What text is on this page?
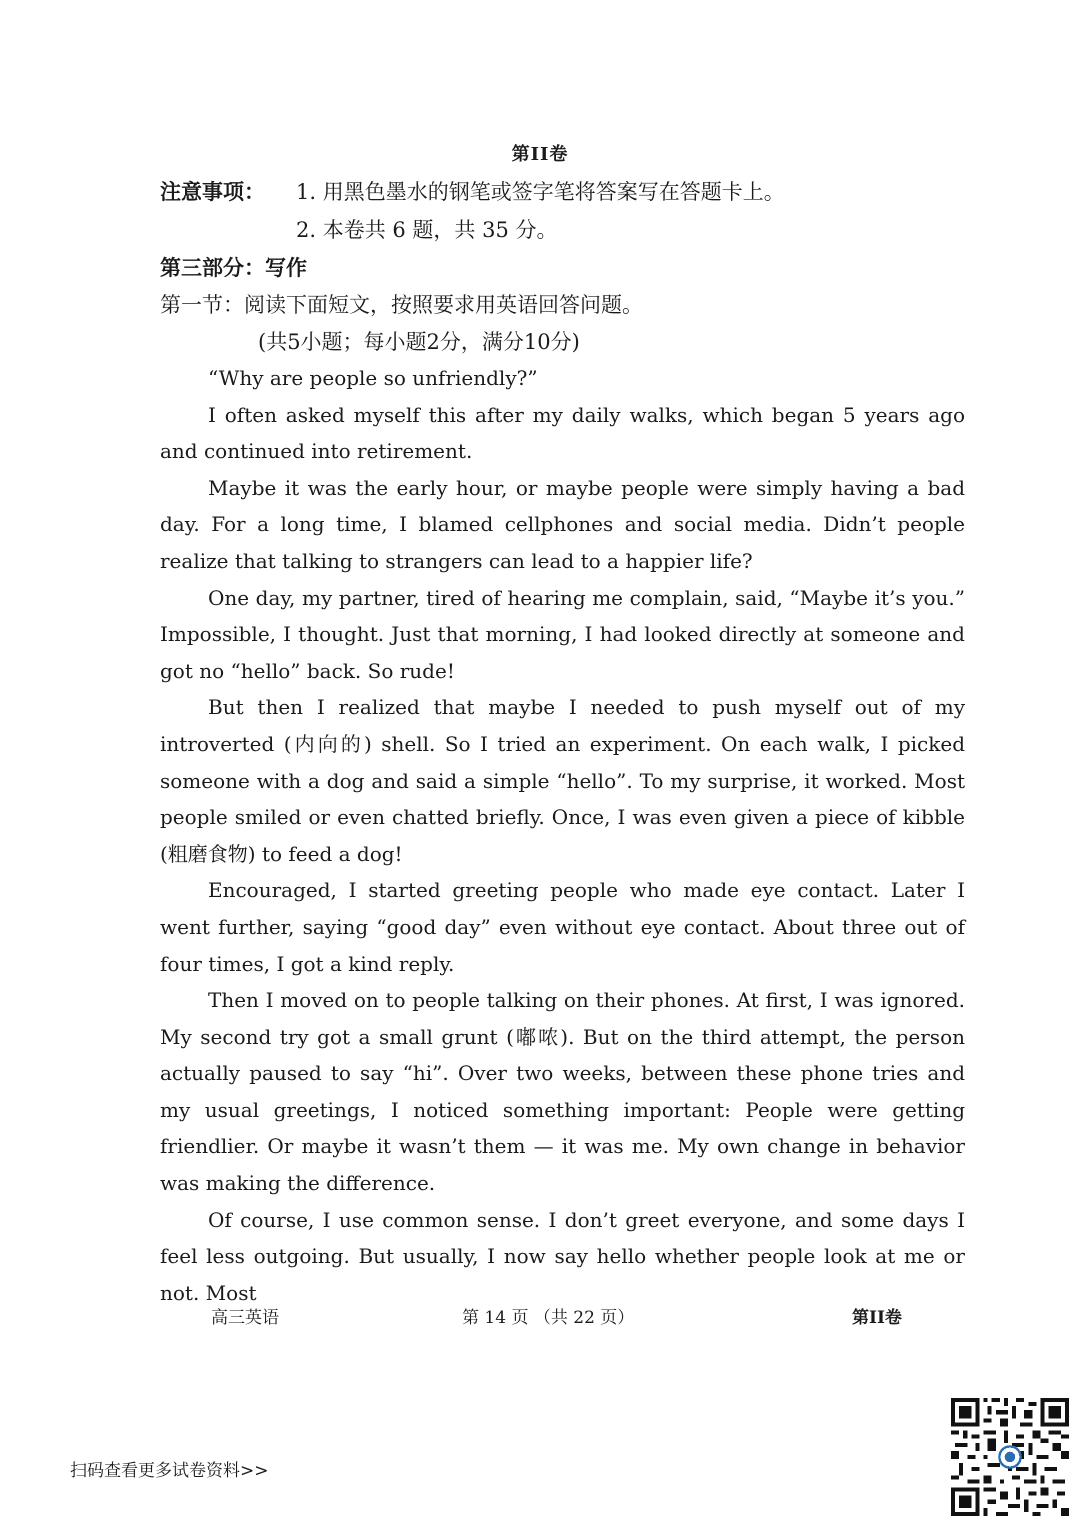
第II卷
注意事项： 1. 用黑色墨水的钢笔或签字笔将答案写在答题卡上。
2. 本卷共 6 题，共 35 分。
第三部分：写作
第一节：阅读下面短文，按照要求用英语回答问题。
(共5小题；每小题2分，满分10分)

“Why are people so unfriendly?”

I often asked myself this after my daily walks, which began 5 years ago and continued into retirement.

Maybe it was the early hour, or maybe people were simply having a bad day. For a long time, I blamed cellphones and social media. Didn’t people realize that talking to strangers can lead to a happier life?

One day, my partner, tired of hearing me complain, said, “Maybe it’s you.” Impossible, I thought. Just that morning, I had looked directly at someone and got no “hello” back. So rude!

But then I realized that maybe I needed to push myself out of my introverted (内向的) shell. So I tried an experiment. On each walk, I picked someone with a dog and said a simple “hello”. To my surprise, it worked. Most people smiled or even chatted briefly. Once, I was even given a piece of kibble (粗磨食物) to feed a dog!

Encouraged, I started greeting people who made eye contact. Later I went further, saying “good day” even without eye contact. About three out of four times, I got a kind reply.

Then I moved on to people talking on their phones. At first, I was ignored. My second try got a small grunt (嘟哝). But on the third attempt, the person actually paused to say “hi”. Over two weeks, between these phone tries and my usual greetings, I noticed something important: People were getting friendlier. Or maybe it wasn’t them — it was me. My own change in behavior was making the difference.

Of course, I use common sense. I don’t greet everyone, and some days I feel less outgoing. But usually, I now say hello whether people look at me or not. Most

高三英语	第 14 页 （共 22 页）	第II卷
扫码查看更多试卷资料>>
